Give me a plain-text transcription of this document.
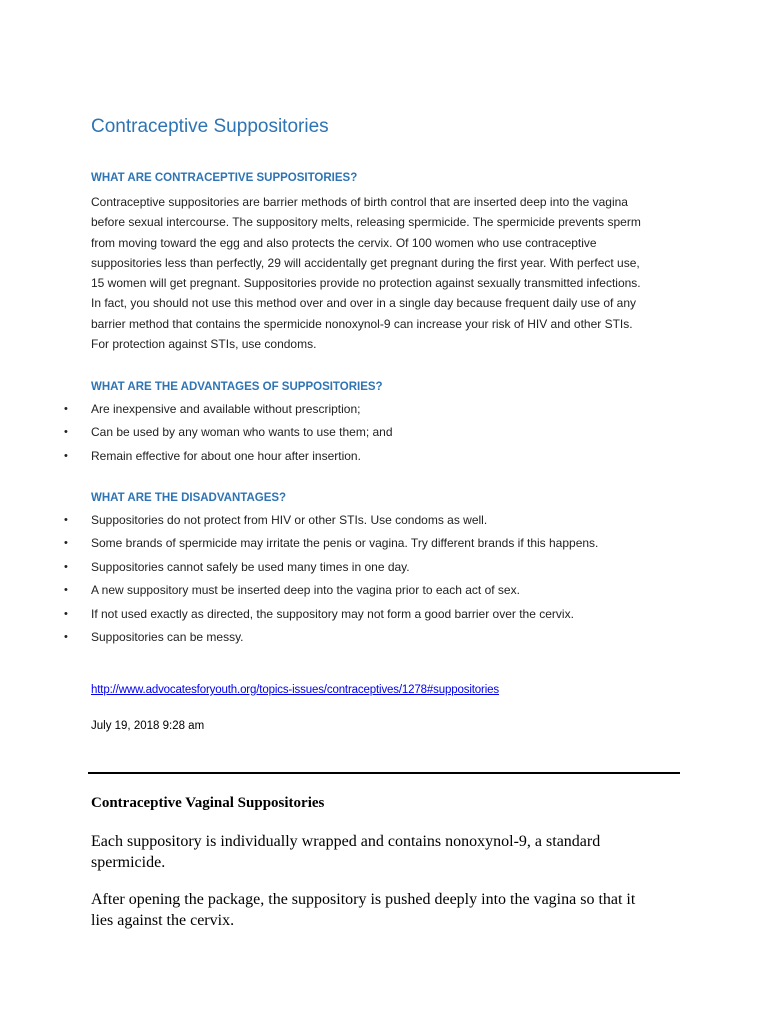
Contraceptive Suppositories
WHAT ARE CONTRACEPTIVE SUPPOSITORIES?

Contraceptive suppositories are barrier methods of birth control that are inserted deep into the vagina
before sexual intercourse. The suppository melts, releasing spermicide. The spermicide prevents sperm
from moving toward the egg and also protects the cervix. Of 100 women who use contraceptive
suppositories less than perfectly, 29 will accidentally get pregnant during the first year. With perfect use,
15 women will get pregnant. Suppositories provide no protection against sexually transmitted infections.
In fact, you should not use this method over and over in a single day because frequent daily use of any
barrier method that contains the spermicide nonoxynol-9 can increase your risk of HIV and other STIs.
For protection against STIs, use condoms.

WHAT ARE THE ADVANTAGES OF SUPPOSITORIES?
• Are inexpensive and available without prescription;
• Can be used by any woman who wants to use them; and
• Remain effective for about one hour after insertion.
WHAT ARE THE DISADVANTAGES?
• Suppositories do not protect from HIV or other STIs. Use condoms as well.
• Some brands of spermicide may irritate the penis or vagina. Try different brands if this happens.
• Suppositories cannot safely be used many times in one day.
• A new suppository must be inserted deep into the vagina prior to each act of sex.
• If not used exactly as directed, the suppository may not form a good barrier over the cervix.
• Suppositories can be messy.
http://www.advocatesforyouth.org/topics-issues/contraceptives/1278#suppositories
July 19, 2018 9:28 am
Contraceptive Vaginal Suppositories

Each suppository is individually wrapped and contains nonoxynol-9, a standard
spermicide.

After opening the package, the suppository is pushed deeply into the vagina so that it
lies against the cervix.
